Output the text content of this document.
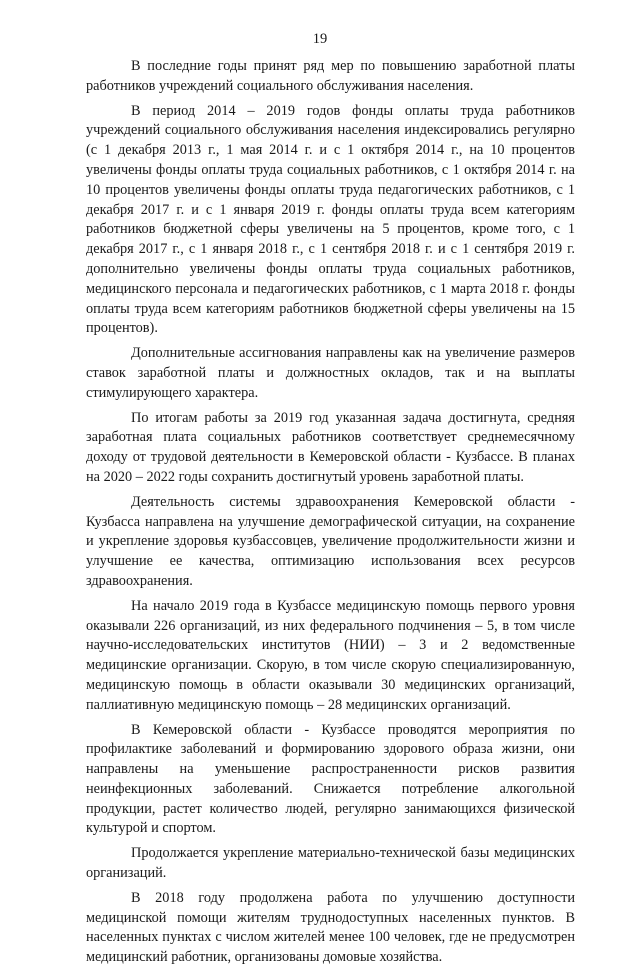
19

В последние годы принят ряд мер по повышению заработной платы работников учреждений социального обслуживания населения.

В период 2014 – 2019 годов фонды оплаты труда работников учреждений социального обслуживания населения индексировались регулярно (с 1 декабря 2013 г., 1 мая 2014 г. и с 1 октября 2014 г., на 10 процентов увеличены фонды оплаты труда социальных работников, с 1 октября 2014 г. на 10 процентов увеличены фонды оплаты труда педагогических работников, с 1 декабря 2017 г. и с 1 января 2019 г. фонды оплаты труда всем категориям работников бюджетной сферы увеличены на 5 процентов, кроме того, с 1 декабря 2017 г., с 1 января 2018 г., с 1 сентября 2018 г. и с 1 сентября 2019 г. дополнительно увеличены фонды оплаты труда социальных работников, медицинского персонала и педагогических работников, с 1 марта 2018 г. фонды оплаты труда всем категориям работников бюджетной сферы увеличены на 15 процентов).

Дополнительные ассигнования направлены как на увеличение размеров ставок заработной платы и должностных окладов, так и на выплаты стимулирующего характера.

По итогам работы за 2019 год указанная задача достигнута, средняя заработная плата социальных работников соответствует среднемесячному доходу от трудовой деятельности в Кемеровской области - Кузбассе. В планах на 2020 – 2022 годы сохранить достигнутый уровень заработной платы.

Деятельность системы здравоохранения Кемеровской области - Кузбасса направлена на улучшение демографической ситуации, на сохранение и укрепление здоровья кузбассовцев, увеличение продолжительности жизни и улучшение ее качества, оптимизацию использования всех ресурсов здравоохранения.

На начало 2019 года в Кузбассе медицинскую помощь первого уровня оказывали 226 организаций, из них федерального подчинения – 5, в том числе научно-исследовательских институтов (НИИ) – 3 и 2 ведомственные медицинские организации. Скорую, в том числе скорую специализированную, медицинскую помощь в области оказывали 30 медицинских организаций, паллиативную медицинскую помощь – 28 медицинских организаций.

В Кемеровской области - Кузбассе проводятся мероприятия по профилактике заболеваний и формированию здорового образа жизни, они направлены на уменьшение распространенности рисков развития неинфекционных заболеваний. Снижается потребление алкогольной продукции, растет количество людей, регулярно занимающихся физической культурой и спортом.

Продолжается укрепление материально-технической базы медицинских организаций.

В 2018 году продолжена работа по улучшению доступности медицинской помощи жителям труднодоступных населенных пунктов. В населенных пунктах с числом жителей менее 100 человек, где не предусмотрен медицинский работник, организованы домовые хозяйства.
